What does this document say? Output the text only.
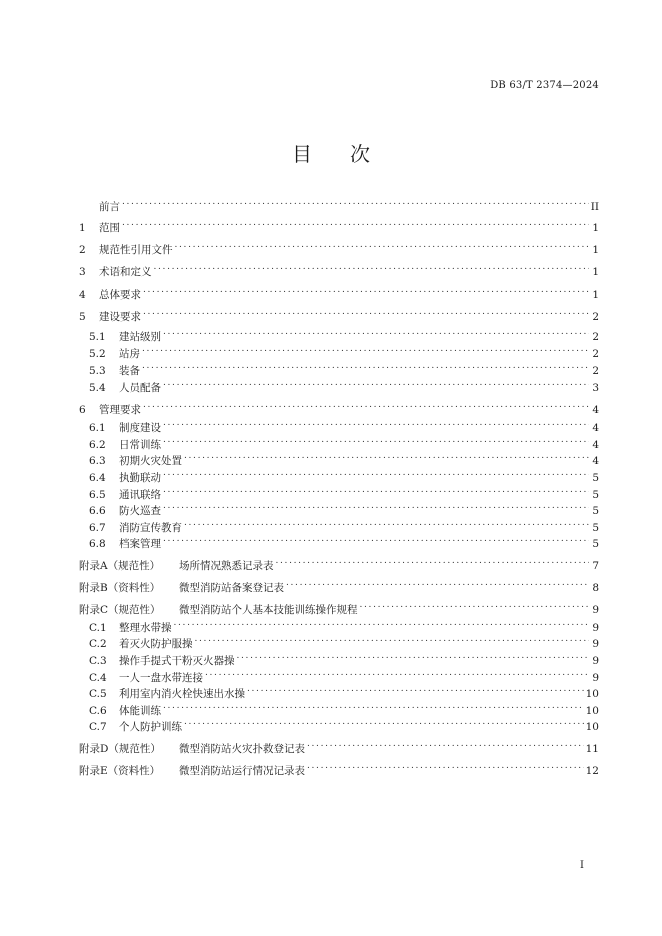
DB 63/T 2374—2024
目 次
前言 . . .	II
1	范围 . . .	1
2	规范性引用文件 . . .	1
3	术语和定义 . . .	1
4	总体要求 . . .	1
5	建设要求 . . .	2
5.1	建站级别 . . .	2
5.2	站房 . . .	2
5.3	装备 . . .	2
5.4	人员配备 . . .	3
6	管理要求 . . .	4
6.1	制度建设 . . .	4
6.2	日常训练 . . .	4
6.3	初期火灾处置 . . .	4
6.4	执勤联动 . . .	5
6.5	通讯联络 . . .	5
6.6	防火巡查 . . .	5
6.7	消防宣传教育 . . .	5
6.8	档案管理 . . .	5
附录A（规范性）	场所情况熟悉记录表 . . .	7
附录B（资料性）	微型消防站备案登记表 . . .	8
附录C（规范性）	微型消防站个人基本技能训练操作规程 . . .	9
C.1	整理水带操 . . .	9
C.2	着灭火防护服操 . . .	9
C.3	操作手提式干粉灭火器操 . . .	9
C.4	一人一盘水带连接 . . .	9
C.5	利用室内消火栓快速出水操 . . .	10
C.6	体能训练 . . .	10
C.7	个人防护训练 . . .	10
附录D（规范性）	微型消防站火灾扑救登记表 . . .	11
附录E（资料性）	微型消防站运行情况记录表 . . .	12
I
